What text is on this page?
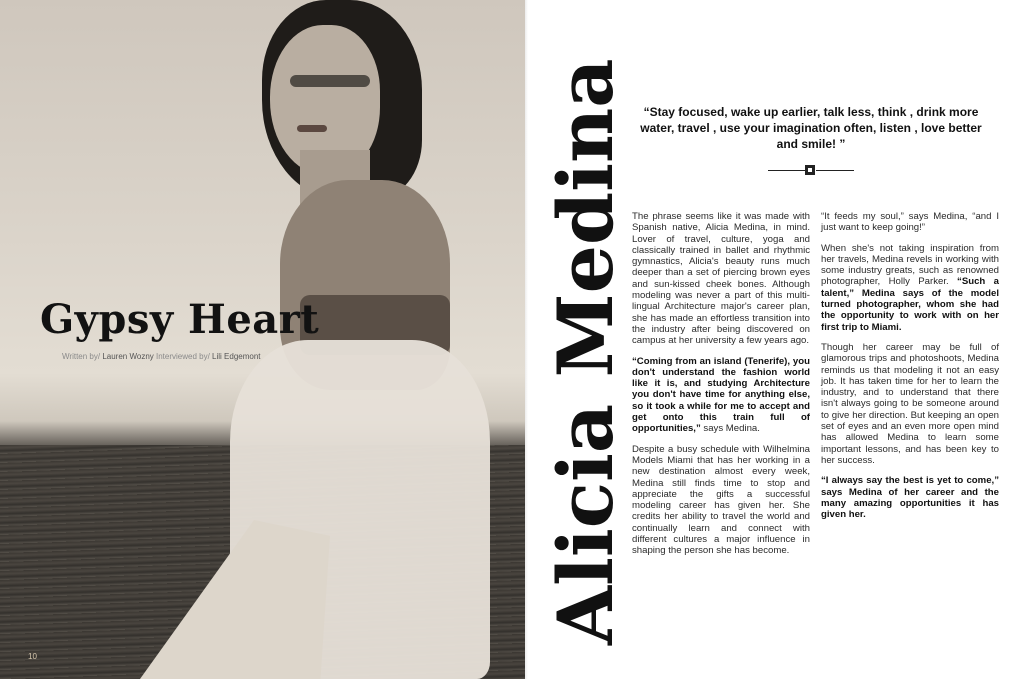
Gypsy Heart
Written by/ Lauren Wozny Interviewed by/ Lili Edgemont
10
Alicia Medina	“Stay focused, wake up earlier, talk less, think , drink more water, travel , use your imagination often, listen , love better and smile! ”

The phrase seems like it was made with Spanish native, Alicia Medina, in mind. Lover of travel, culture, yoga and classically trained in ballet and rhythmic gymnastics, Alicia's beauty runs much deeper than a set of piercing brown eyes and sun-kissed cheek bones. Although modeling was never a part of this multi-lingual Architecture major's career plan, she has made an effortless transition into the industry after being discovered on campus at her university a few years ago.

“Coming from an island (Tenerife), you don't understand the fashion world like it is, and studying Architecture you don't have time for anything else, so it took a while for me to accept and get onto this train full of opportunities,” says Medina.

Despite a busy schedule with Wilhelmina Models Miami that has her working in a new destination almost every week, Medina still finds time to stop and appreciate the gifts a successful modeling career has given her. She credits her ability to travel the world and continually learn and connect with different cultures a major influence in shaping the person she has become.

“It feeds my soul,” says Medina, “and I just want to keep going!”

When she's not taking inspiration from her travels, Medina revels in working with some industry greats, such as renowned photographer, Holly Parker. “Such a talent,” Medina says of the model turned photographer, whom she had the opportunity to work with on her first trip to Miami.

Though her career may be full of glamorous trips and photoshoots, Medina reminds us that modeling it not an easy job. It has taken time for her to learn the industry, and to understand that there isn't always going to be someone around to give her direction. But keeping an open set of eyes and an even more open mind has allowed Medina to learn some important lessons, and has been key to her success.

“I always say the best is yet to come,” says Medina of her career and the many amazing opportunities it has given her.
